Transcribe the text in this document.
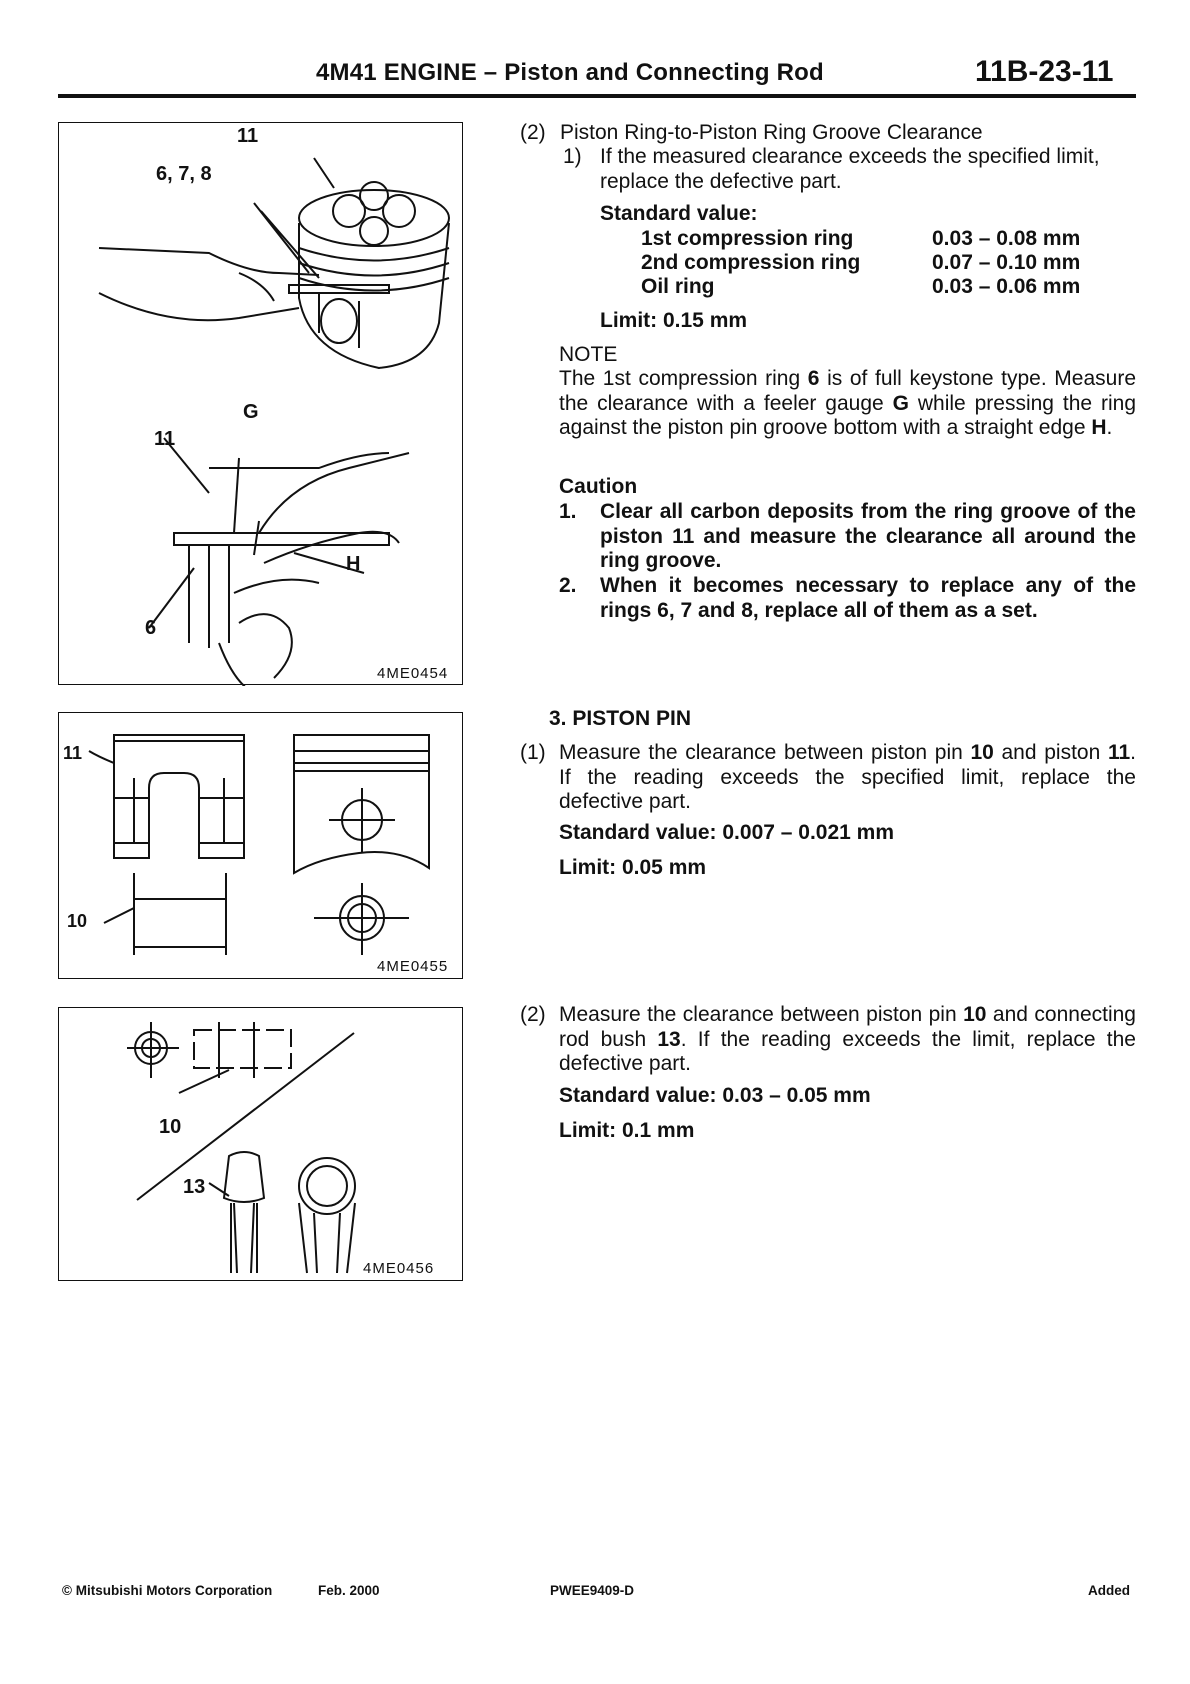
4M41 ENGINE – Piston and Connecting Rod	11B-23-11
11
6, 7, 8
G
11
H
6
4ME0454
11
10
4ME0455
10
13
4ME0456
(2) Piston Ring-to-Piston Ring Groove Clearance
1) If the measured clearance exceeds the specified limit, replace the defective part.
Standard value:
1st compression ring	0.03 – 0.08 mm
2nd compression ring	0.07 – 0.10 mm
Oil ring	0.03 – 0.06 mm
Limit: 0.15 mm
NOTE
The 1st compression ring 6 is of full keystone type. Measure the clearance with a feeler gauge G while pressing the ring against the piston pin groove bottom with a straight edge H.
Caution
1. Clear all carbon deposits from the ring groove of the piston 11 and measure the clearance all around the ring groove.
2. When it becomes necessary to replace any of the rings 6, 7 and 8, replace all of them as a set.
3. PISTON PIN
(1) Measure the clearance between piston pin 10 and piston 11. If the reading exceeds the specified limit, replace the defective part.
Standard value: 0.007 – 0.021 mm
Limit: 0.05 mm
(2) Measure the clearance between piston pin 10 and connecting rod bush 13. If the reading exceeds the limit, replace the defective part.
Standard value: 0.03 – 0.05 mm
Limit: 0.1 mm
© Mitsubishi Motors Corporation	Feb. 2000	PWEE9409-D	Added
